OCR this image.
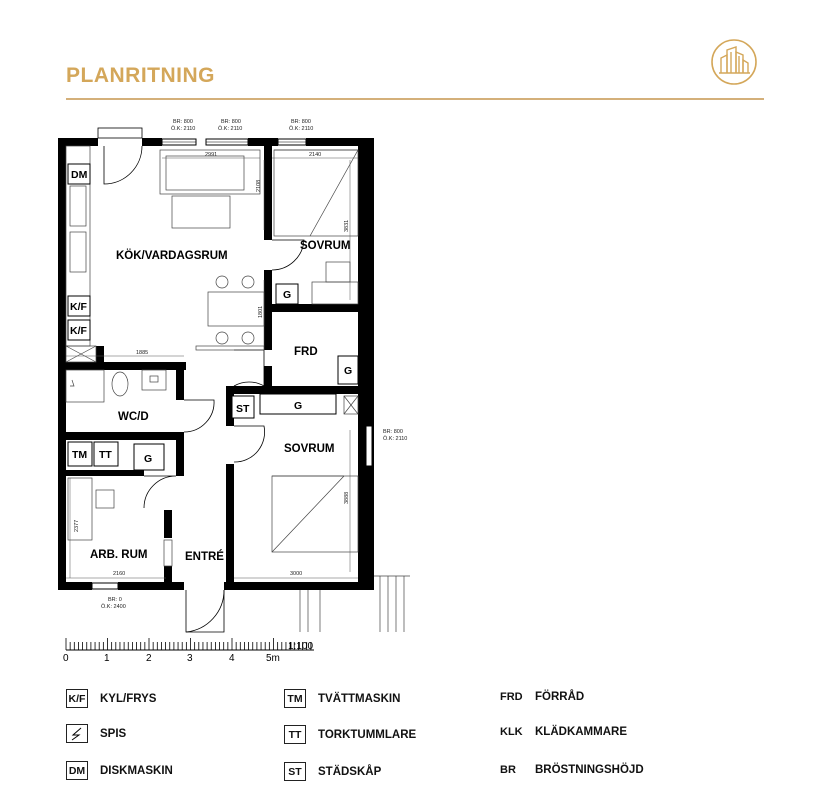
PLANRITNING
KÖK/VARDAGSRUM
SOVRUM
FRD
WC/D
SOVRUM
ARB. RUM	ENTRÉ
DM
K/F
K/F
G
G
ST	G
TM TT	G
BR: 800
Ö.K: 2110
BR: 800
Ö.K: 2110
BR: 800
Ö.K: 2110
BR: 800
Ö.K: 2110
BR: 0
Ö.K: 2400
2991	2140
2108
3831
1801
1885
3888
2377
2160	3000
1:100
0	1	2	3	4	5m
K/F KYL/FRYS
SPIS
DM DISKMASKIN
TM TVÄTTMASKIN
TT	TORKTUMMLARE
ST	STÄDSKÅP
FRD	FÖRRÅD
KLK	KLÄDKAMMARE
BR	BRÖSTNINGSHÖJD
